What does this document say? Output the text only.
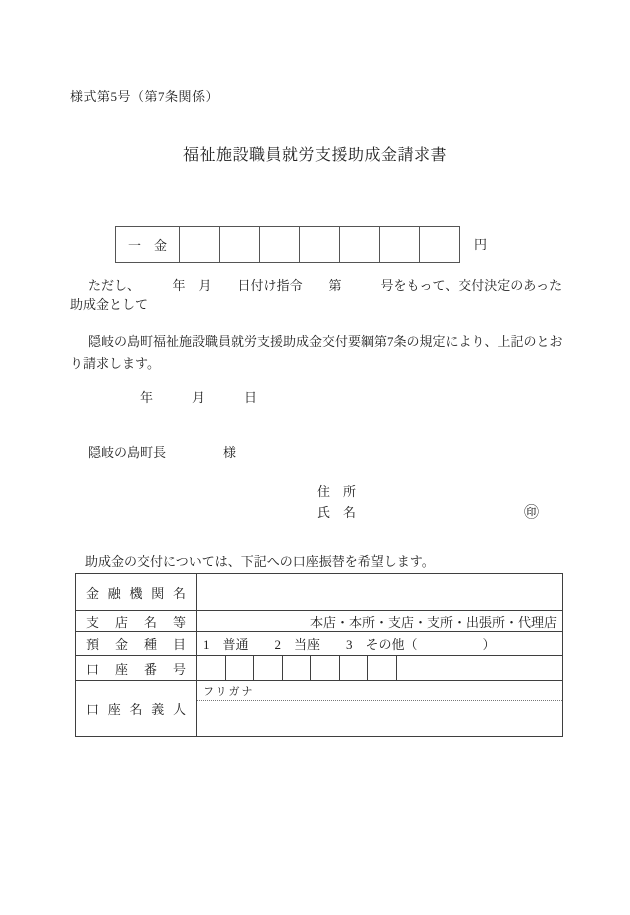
様式第5号（第7条関係）
福祉施設職員就労支援助成金請求書
一　金	円
ただし、　　　年　月　　日付け指令　　第　　　号をもって、交付決定のあった
助成金として
隠岐の島町福祉施設職員就労支援助成金交付要綱第7条の規定により、上記のとお
り請求します。
年　　　月　　　日
隠岐の島町長	様
住　所
氏　名	㊞
助成金の交付については、下記への口座振替を希望します。
金融機関名
支店名等	本店・本所・支店・支所・出張所・代理店
預金種目	1　普通　　2　当座　　3　その他（　　　　　）
口座番号
口座名義人
フリガナ
